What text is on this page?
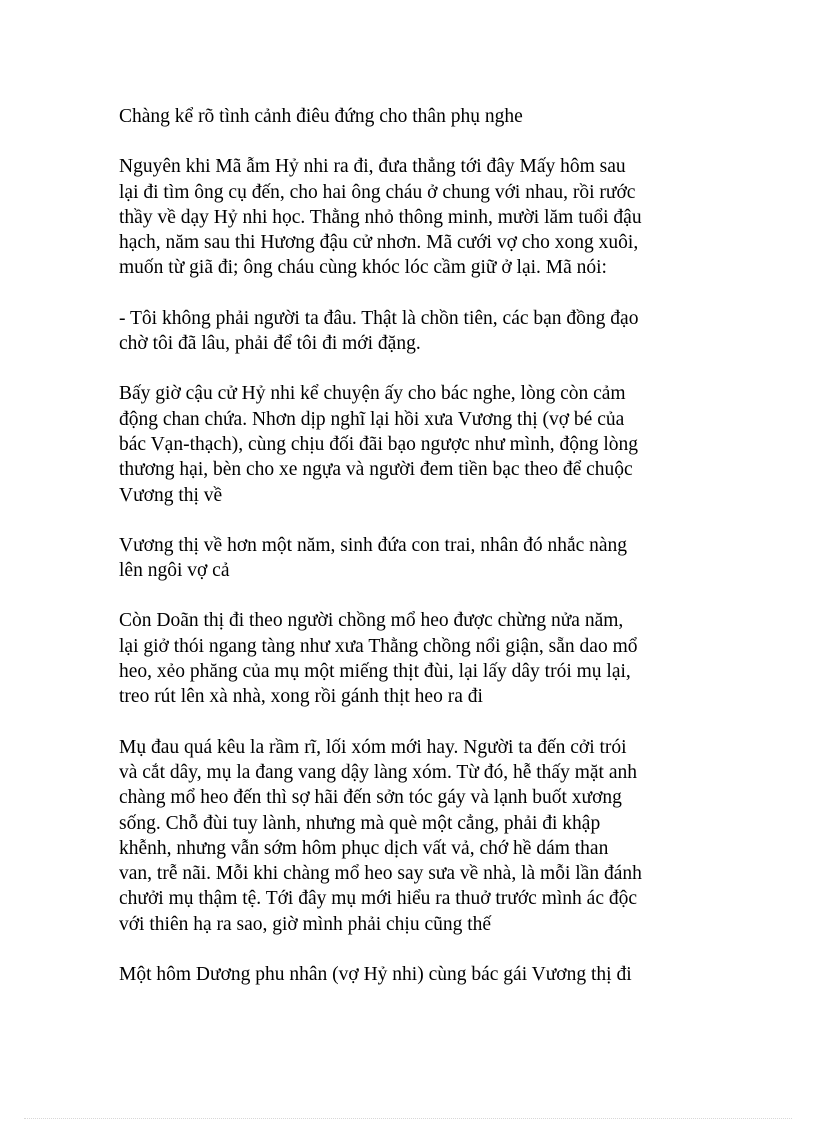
Chàng kể rõ tình cảnh điêu đứng cho thân phụ nghe

Nguyên khi Mã ẫm Hỷ nhi ra đi, đưa thẳng tới đây Mấy hôm sau
lại đi tìm ông cụ đến, cho hai ông cháu ở chung với nhau, rồi rước
thầy về dạy Hỷ nhi học. Thằng nhỏ thông minh, mười lăm tuổi đậu
hạch, năm sau thi Hương đậu cử nhơn. Mã cưới vợ cho xong xuôi,
muốn từ giã đi; ông cháu cùng khóc lóc cầm giữ ở lại. Mã nói:

- Tôi không phải người ta đâu. Thật là chồn tiên, các bạn đồng đạo
chờ tôi đã lâu, phải để tôi đi mới đặng.

Bấy giờ cậu cử Hỷ nhi kể chuyện ấy cho bác nghe, lòng còn cảm
động chan chứa. Nhơn dịp nghĩ lại hồi xưa Vương thị (vợ bé của
bác Vạn-thạch), cùng chịu đối đãi bạo ngược như mình, động lòng
thương hại, bèn cho xe ngựa và người đem tiền bạc theo để chuộc
Vương thị về

Vương thị về hơn một năm, sinh đứa con trai, nhân đó nhắc nàng
lên ngôi vợ cả

Còn Doãn thị đi theo người chồng mổ heo được chừng nửa năm,
lại giở thói ngang tàng như xưa Thằng chồng nổi giận, sẵn dao mổ
heo, xẻo phăng của mụ một miếng thịt đùi, lại lấy dây trói mụ lại,
treo rút lên xà nhà, xong rồi gánh thịt heo ra đi

Mụ đau quá kêu la rầm rĩ, lối xóm mới hay. Người ta đến cởi trói
và cắt dây, mụ la đang vang dậy làng xóm. Từ đó, hễ thấy mặt anh
chàng mổ heo đến thì sợ hãi đến sởn tóc gáy và lạnh buốt xương
sống. Chỗ đùi tuy lành, nhưng mà què một cẳng, phải đi khập
khễnh, nhưng vẫn sớm hôm phục dịch vất vả, chớ hề dám than
van, trễ nãi. Mỗi khi chàng mổ heo say sưa về nhà, là mỗi lần đánh
chưởi mụ thậm tệ. Tới đây mụ mới hiểu ra thuở trước mình ác độc
với thiên hạ ra sao, giờ mình phải chịu cũng thế

Một hôm Dương phu nhân (vợ Hỷ nhi) cùng bác gái Vương thị đi
